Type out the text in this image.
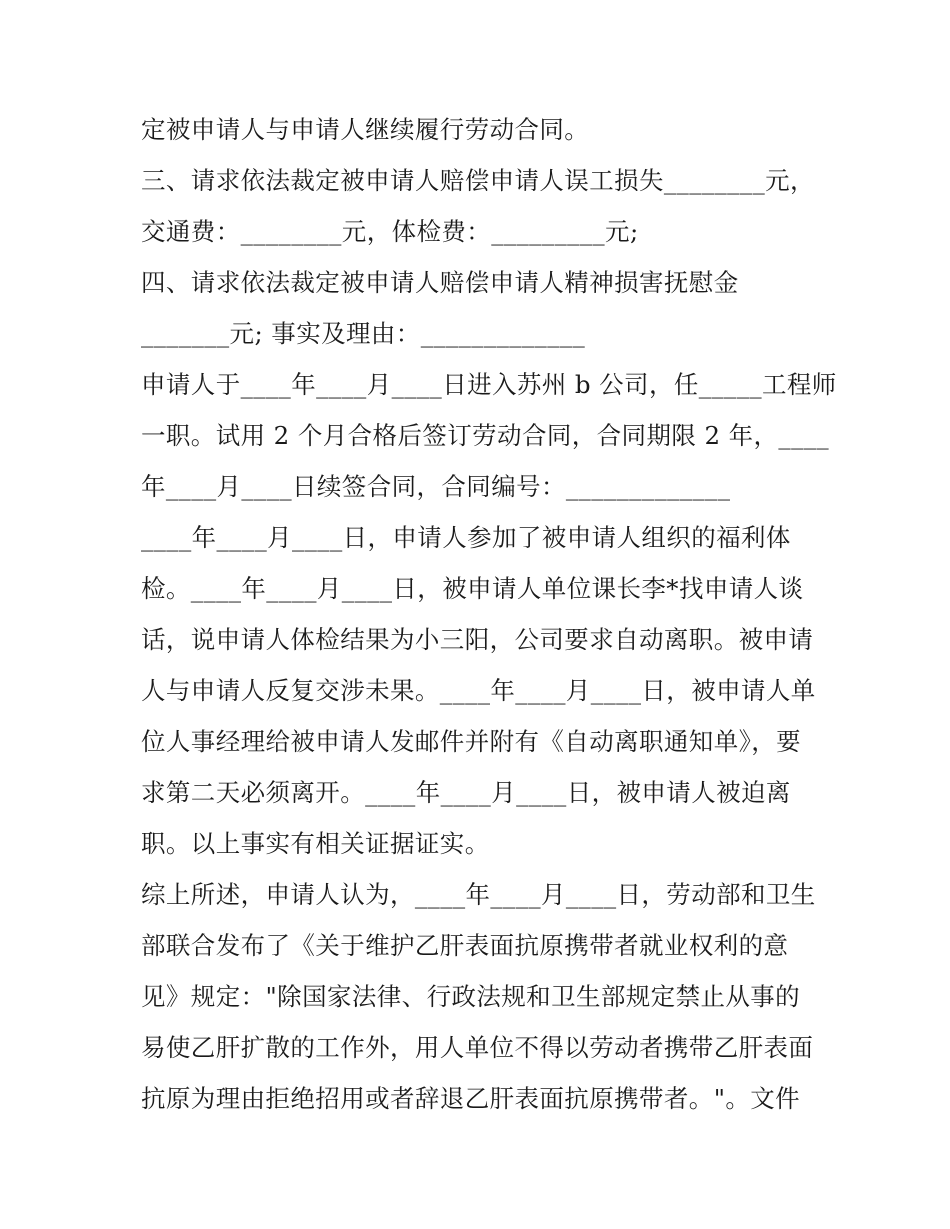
定被申请人与申请人继续履行劳动合同。
三、请求依法裁定被申请人赔偿申请人误工损失________元，
交通费：________元，体检费：_________元;
四、请求依法裁定被申请人赔偿申请人精神损害抚慰金
_______元; 事实及理由：_____________
申请人于____年____月____日进入苏州 b 公司，任_____工程师
一职。试用 2 个月合格后签订劳动合同，合同期限 2 年，____
年____月____日续签合同，合同编号：_____________
____年____月____日，申请人参加了被申请人组织的福利体
检。____年____月____日，被申请人单位课长李*找申请人谈
话，说申请人体检结果为小三阳，公司要求自动离职。被申请
人与申请人反复交涉未果。____年____月____日，被申请人单
位人事经理给被申请人发邮件并附有《自动离职通知单》，要
求第二天必须离开。____年____月____日，被申请人被迫离
职。以上事实有相关证据证实。
综上所述，申请人认为，____年____月____日，劳动部和卫生
部联合发布了《关于维护乙肝表面抗原携带者就业权利的意
见》规定："除国家法律、行政法规和卫生部规定禁止从事的
易使乙肝扩散的工作外，用人单位不得以劳动者携带乙肝表面
抗原为理由拒绝招用或者辞退乙肝表面抗原携带者。"。文件
